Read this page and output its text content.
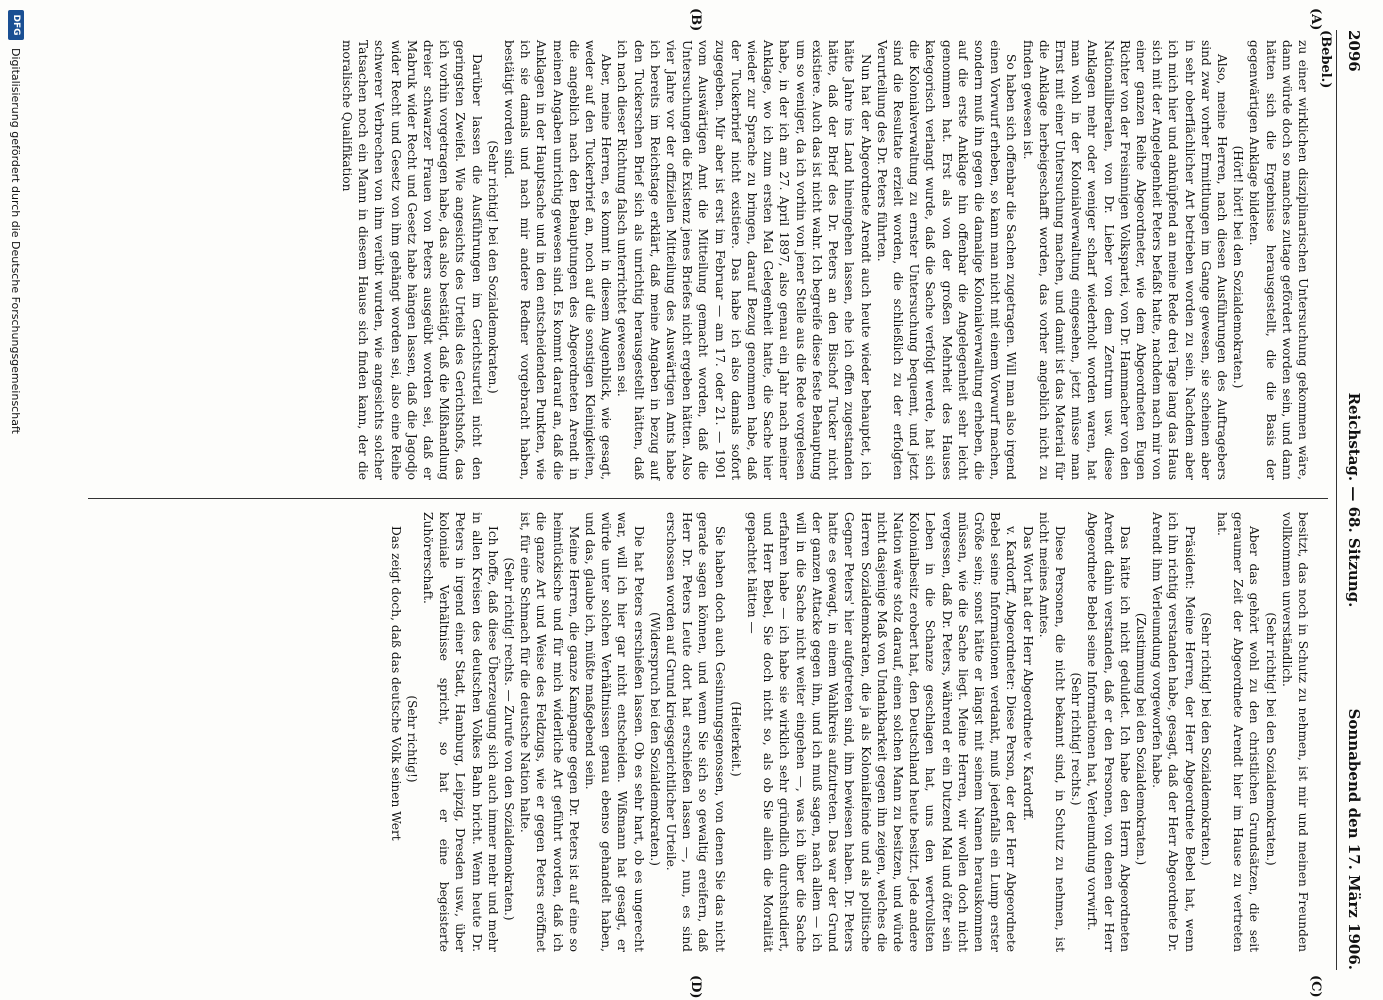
2096
Reichstag. — 68. Sitzung.
Sonnabend den 17. März 1906.
(Bebel.)
(A)
(B)
(C)
(D)

zu einer wirklichen disziplinarischen Untersuchung gekommen wäre, dann würde doch so manches zutage gefördert worden sein, und dann hätten sich die Ergebnisse herausgestellt, die die Basis der gegenwärtigen Anklage bildeten.

(Hört! hört! bei den Sozialdemokraten.)

Also, meine Herren, nach diesen Ausführungen des Auftragebers sind zwar vorher Ermittlungen im Gange gewesen, sie scheinen aber in sehr oberflächlicher Art betrieben worden zu sein. Nachdem aber ich mich hier und anknüpfend an meine Rede drei Tage lang das Haus sich mit der Angelegenheit Peters befaßt hatte, nachdem nach mir von einer ganzen Reihe Abgeordneter, wie dem Abgeordneten Eugen Richter von der Freisinnigen Volkspartei, von Dr. Hammacher von den Nationalliberalen, von Dr. Lieber von dem Zentrum usw. diese Anklagen mehr oder weniger scharf wiederholt worden waren, hat man wohl in der Kolonialverwaltung eingesehen, jetzt müsse man Ernst mit einer Untersuchung machen, und damit ist das Material für die Anklage herbeigeschafft worden, das vorher angeblich nicht zu finden gewesen ist.

So haben sich offenbar die Sachen zugetragen. Will man also irgend einen Vorwurf erheben, so kann man nicht mit einem Vorwurf machen, sondern muß ihn gegen die damalige Kolonialverwaltung erheben, die auf die erste Anklage hin offenbar die Angelegenheit sehr leicht genommen hat. Erst als von der großen Mehrheit des Hauses kategorisch verlangt wurde, daß die Sache verfolgt werde, hat sich die Kolonialverwaltung zu ernster Untersuchung bequemt, und jetzt sind die Resultate erzielt worden, die schließlich zu der erfolgten Verurteilung des Dr. Peters führten.

Nun hat der Abgeordnete Arendt auch heute wieder behauptet, ich hätte Jahre ins Land hineingehen lassen, ehe ich offen zugestanden hätte, daß der Brief des Dr. Peters an den Bischof Tucker nicht existiere. Auch das ist nicht wahr. Ich begreife diese feste Behauptung um so weniger, da ich vorhin von jener Stelle aus die Rede vorgelesen habe, in der ich am 27. April 1897, also genau ein Jahr nach meiner Anklage, wo ich zum ersten Mal Gelegenheit hatte, die Sache hier wieder zur Sprache zu bringen, darauf Bezug genommen habe, daß der Tuckerbrief nicht existiere. Das habe ich also damals sofort zugegeben. Mir aber ist erst im Februar — am 17. oder 21. — 1901 vom Auswärtigen Amt die Mitteilung gemacht worden, daß die Untersuchungen die Existenz jenes Briefes nicht ergeben hätten. Also vier Jahre vor der offiziellen Mitteilung des Auswärtigen Amts habe ich bereits im Reichstage erklärt, daß meine Angaben in bezug auf den Tuckerschen Brief sich als unrichtig herausgestellt hätten, daß ich nach dieser Richtung falsch unterrichtet gewesen sei.

Aber, meine Herren, es kommt in diesem Augenblick, wie gesagt, weder auf den Tuckerbrief an, noch auf die sonstigen Kleinigkeiten, die angeblich nach den Behauptungen des Abgeordneten Arendt in meinen Angaben unrichtig gewesen sind. Es kommt darauf an, daß die Anklagen in der Hauptsache und in den entscheidenden Punkten, wie ich sie damals und nach mir andere Redner vorgebracht haben, bestätigt worden sind.

(Sehr richtig! bei den Sozialdemokraten.)

Darüber lassen die Ausführungen im Gerichtsurteil nicht den geringsten Zweifel. Wie angesichts des Urteils des Gerichtshofs, das ich vorhin vorgetragen habe, das also bestätigt, daß die Mißhandlung dreier schwarzer Frauen von Peters ausgeübt worden sei, daß er Mabruk wider Recht und Gesetz habe hängen lassen, daß die Jagodjo wider Recht und Gesetz von ihm gehängt worden sei, also eine Reihe schwerer Verbrechen von ihm verübt wurden, wie angesichts solcher Tatsachen noch ein Mann in diesem Hause sich finden kann, der die moralische Qualifikation

besitzt, das noch in Schutz zu nehmen, ist mir und meinen Freunden vollkommen unverständlich.

(Sehr richtig! bei den Sozialdemokraten.)

Aber das gehört wohl zu den christlichen Grundsätzen, die seit geraumer Zeit der Abgeordnete Arendt hier im Hause zu vertreten hat.

(Sehr richtig! bei den Sozialdemokraten.)

Präsident: Meine Herren, der Herr Abgeordnete Bebel hat, wenn ich ihn richtig verstanden habe, gesagt, daß der Herr Abgeordnete Dr. Arendt ihm Verleumdung vorgeworfen habe.

(Zustimmung bei den Sozialdemokraten.)

Das hätte ich nicht geduldet. Ich habe den Herrn Abgeordneten Arendt dahin verstanden, daß er den Personen, von denen der Herr Abgeordnete Bebel seine Informationen hat, Verleumdung vorwirft.

(Sehr richtig! rechts.)

Diese Personen, die nicht bekannt sind, in Schutz zu nehmen, ist nicht meines Amtes.

Das Wort hat der Herr Abgeordnete v. Kardorff.

v. Kardorff, Abgeordneter: Diese Person, der der Herr Abgeordnete Bebel seine Informationen verdankt, muß jedenfalls ein Lump erster Größe sein; sonst hätte er längst mit seinem Namen herauskommen müssen, wie die Sache liegt. Meine Herren, wir wollen doch nicht vergessen, daß Dr. Peters, während er ein Dutzend Mal und öfter sein Leben in die Schanze geschlagen hat, uns den wertvollsten Kolonialbesitz erobert hat, den Deutschland heute besitzt. Jede andere Nation wäre stolz darauf, einen solchen Mann zu besitzen, und würde nicht dasjenige Maß von Undankbarkeit gegen ihn zeigen, welches die Herren Sozialdemokraten, die ja als Kolonialfeinde und als politische Gegner Peters' hier aufgetreten sind, ihm bewiesen haben. Dr. Peters hatte es gewagt, in einem Wahlkreis aufzutreten. Das war der Grund der ganzen Attacke gegen ihn, und ich muß sagen, nach allem — ich will in die Sache nicht weiter eingehen —, was ich über die Sache erfahren habe — ich habe sie wirklich sehr gründlich durchstudiert, und Herr Bebel, Sie doch nicht so, als ob Sie allein die Moralität gepachtet hätten —

(Heiterkeit.)

Sie haben doch auch Gesinnungsgenossen, von denen Sie das nicht gerade sagen können, und wenn Sie sich so gewaltig ereifern, daß Herr Dr. Peters Leute dort hat erschießen lassen —, nun, es sind erschossen worden auf Grund kriegsgerichtlicher Urteile.

(Widerspruch bei den Sozialdemokraten.)

Die hat Peters erschießen lassen. Ob es sehr hart, ob es ungerecht war, will ich hier gar nicht entscheiden. Wißmann hat gesagt, er würde unter solchen Verhältnissen genau ebenso gehandelt haben, und das, glaube ich, müßte maßgebend sein.

Meine Herren, die ganze Kampagne gegen Dr. Peters ist auf eine so heimtückische und für mich widerliche Art geführt worden, daß ich die ganze Art und Weise des Feldzugs, wie er gegen Peters eröffnet ist, für eine Schmach für die deutsche Nation halte.

(Sehr richtig! rechts. — Zurufe von den Sozialdemokraten.)

Ich hoffe, daß diese Überzeugung sich auch immer mehr und mehr in allen Kreisen des deutschen Volkes Bahn bricht. Wenn heute Dr. Peters in irgend einer Stadt, Hamburg, Leipzig, Dresden usw., über koloniale Verhältnisse spricht, so hat er eine begeisterte Zuhörerschaft.

(Sehr richtig!)

Das zeigt doch, daß das deutsche Volk seinen Wert

DFG
Digitalisierung gefördert durch die Deutsche Forschungsgemeinschaft
